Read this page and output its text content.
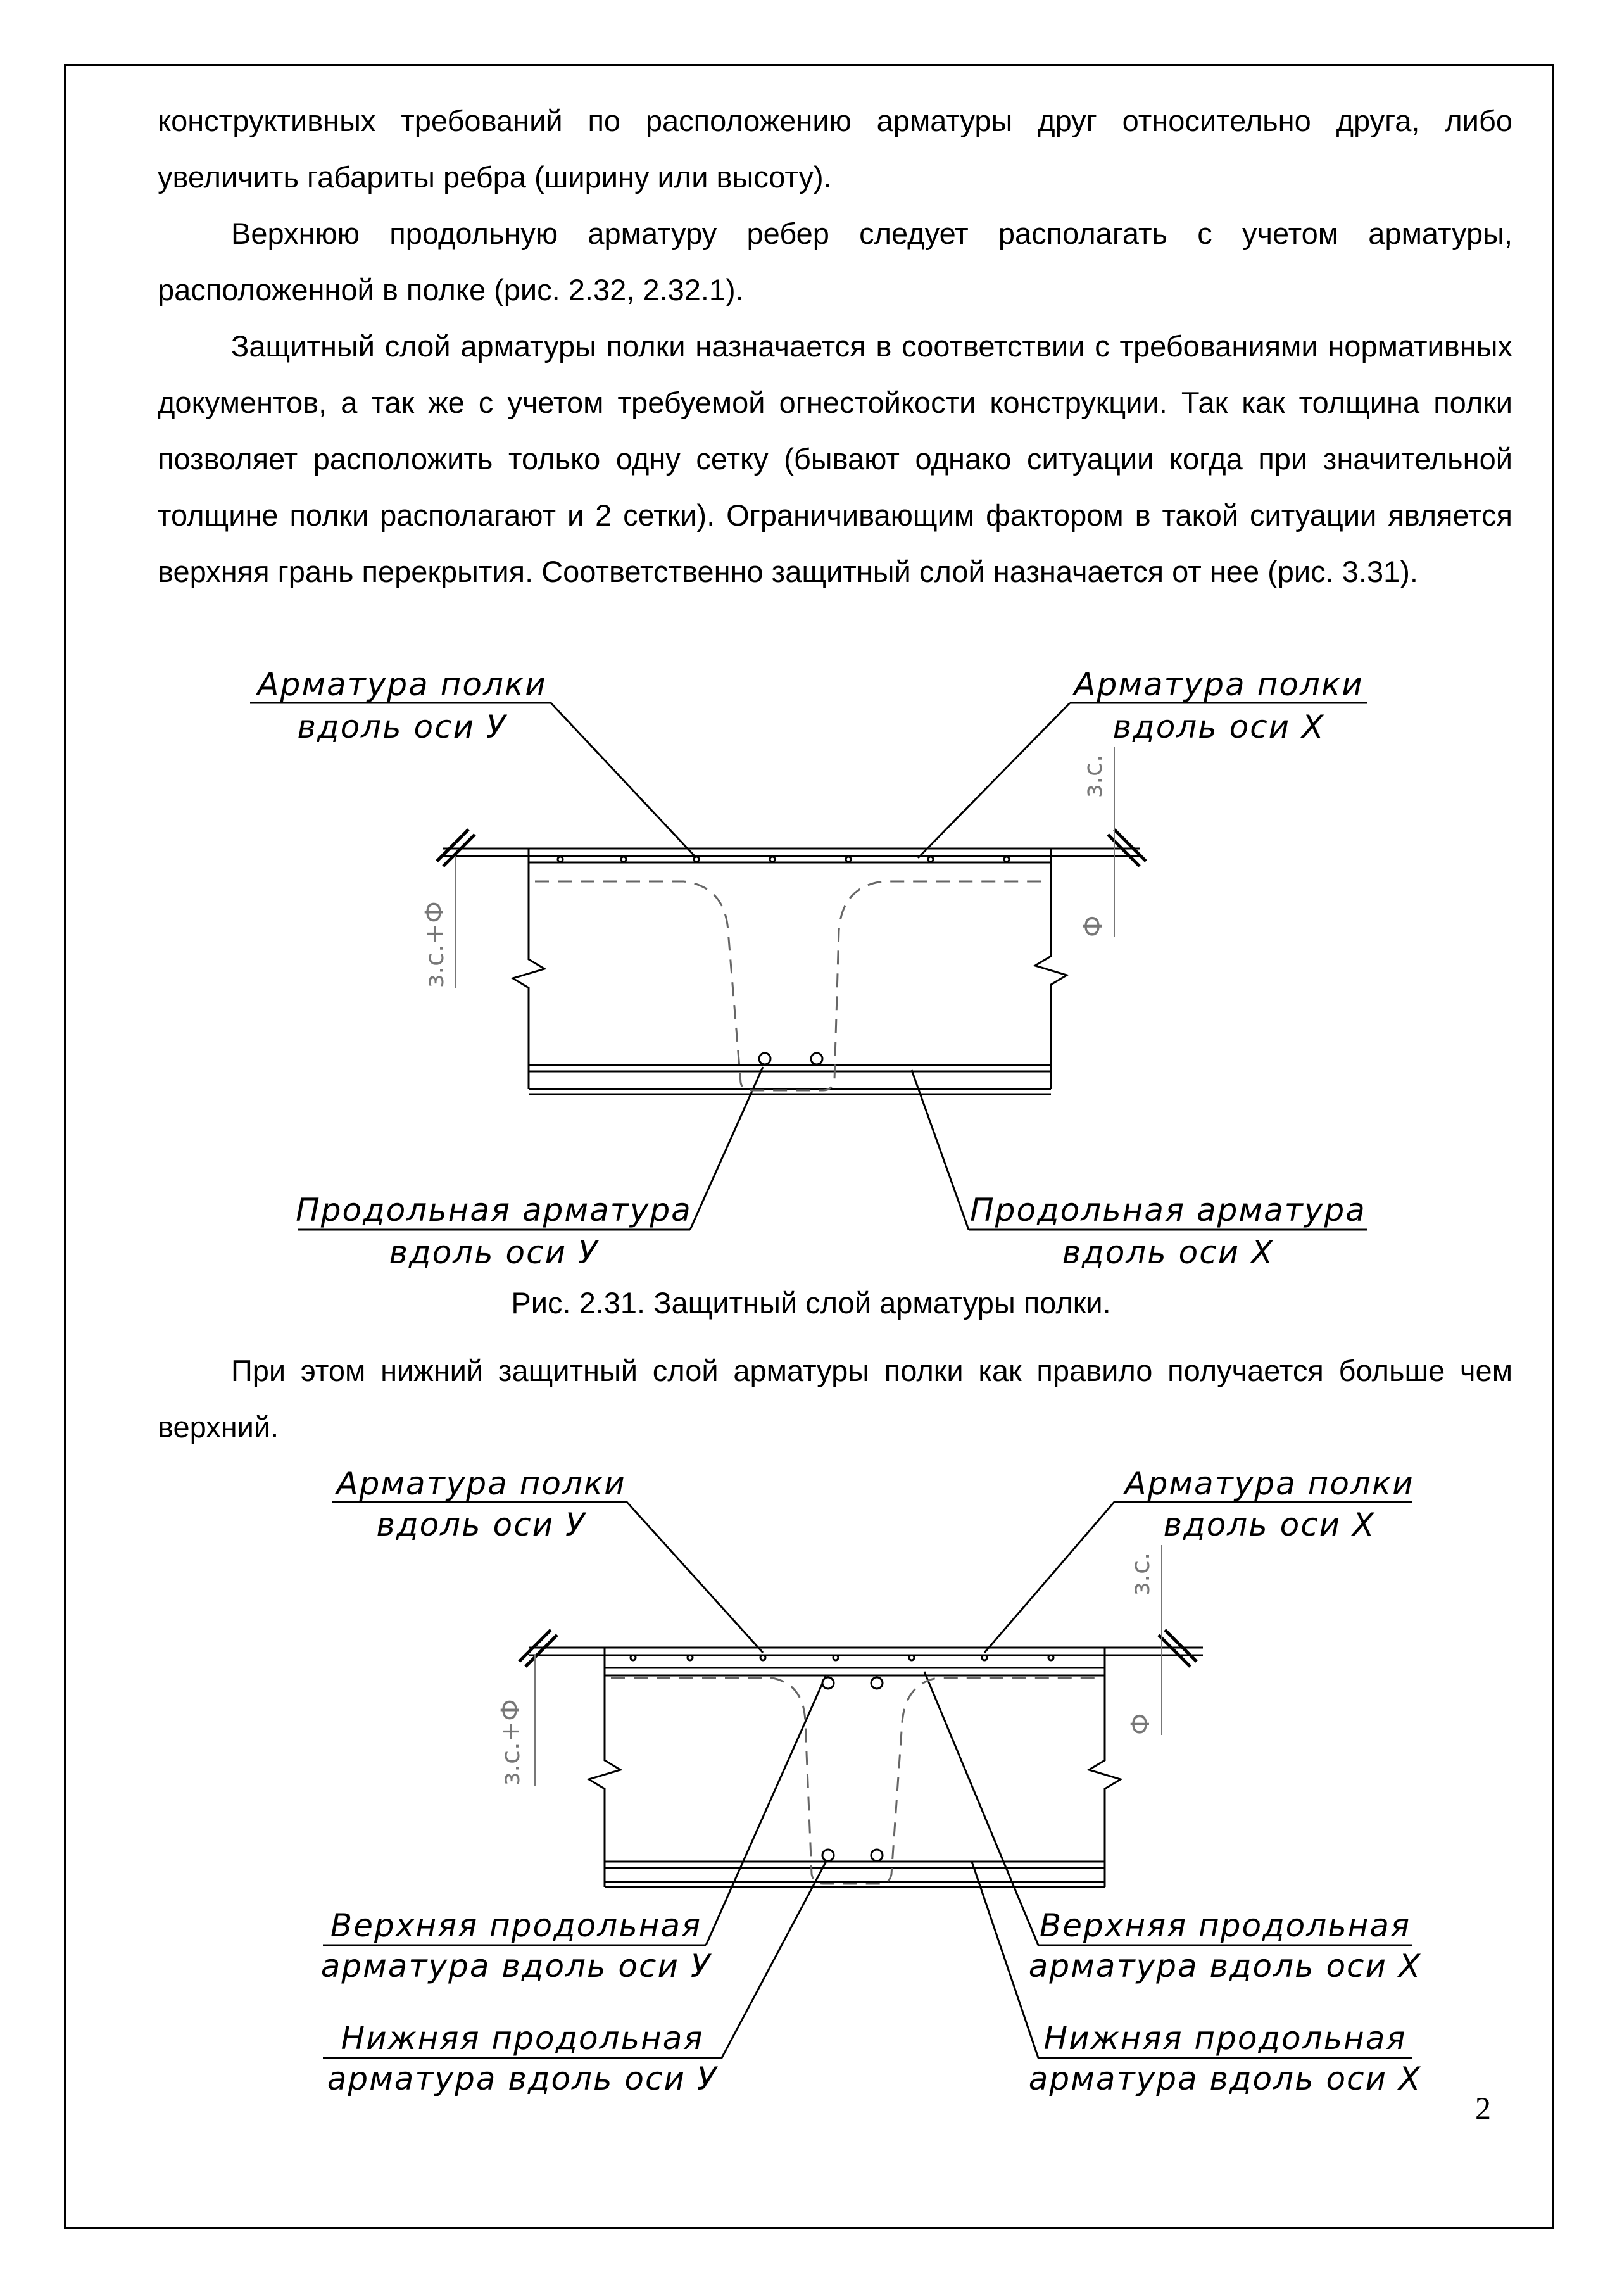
конструктивных требований по расположению арматуры друг относительно друга, либо увеличить габариты ребра (ширину или высоту).

Верхнюю продольную арматуру ребер следует располагать с учетом арматуры, расположенной в полке (рис. 2.32, 2.32.1).

Защитный слой арматуры полки назначается в соответствии с требованиями нормативных документов, а так же с учетом требуемой огнестойкости конструкции. Так как толщина полки позволяет расположить только одну сетку (бывают однако ситуации когда при значительной толщине полки располагают и 2 сетки). Ограничивающим фактором в такой ситуации является верхняя грань перекрытия. Соответственно защитный слой назначается от нее (рис. 3.31).

з.с.+Ф
з.с.
Ф
Арматура полки
вдоль оси У
Арматура полки
вдоль оси Х
Продольная арматура
вдоль оси У
Продольная арматура
вдоль оси Х
Рис. 2.31. Защитный слой арматуры полки.

При этом нижний защитный слой арматуры полки как правило получается больше чем верхний.

з.с.+Ф
з.с.
Ф
Арматура полки
вдоль оси У
Арматура полки
вдоль оси Х
Верхняя продольная
арматура вдоль оси У
Верхняя продольная
арматура вдоль оси Х
Нижняя продольная
арматура вдоль оси У
Нижняя продольная
арматура вдоль оси Х
2
